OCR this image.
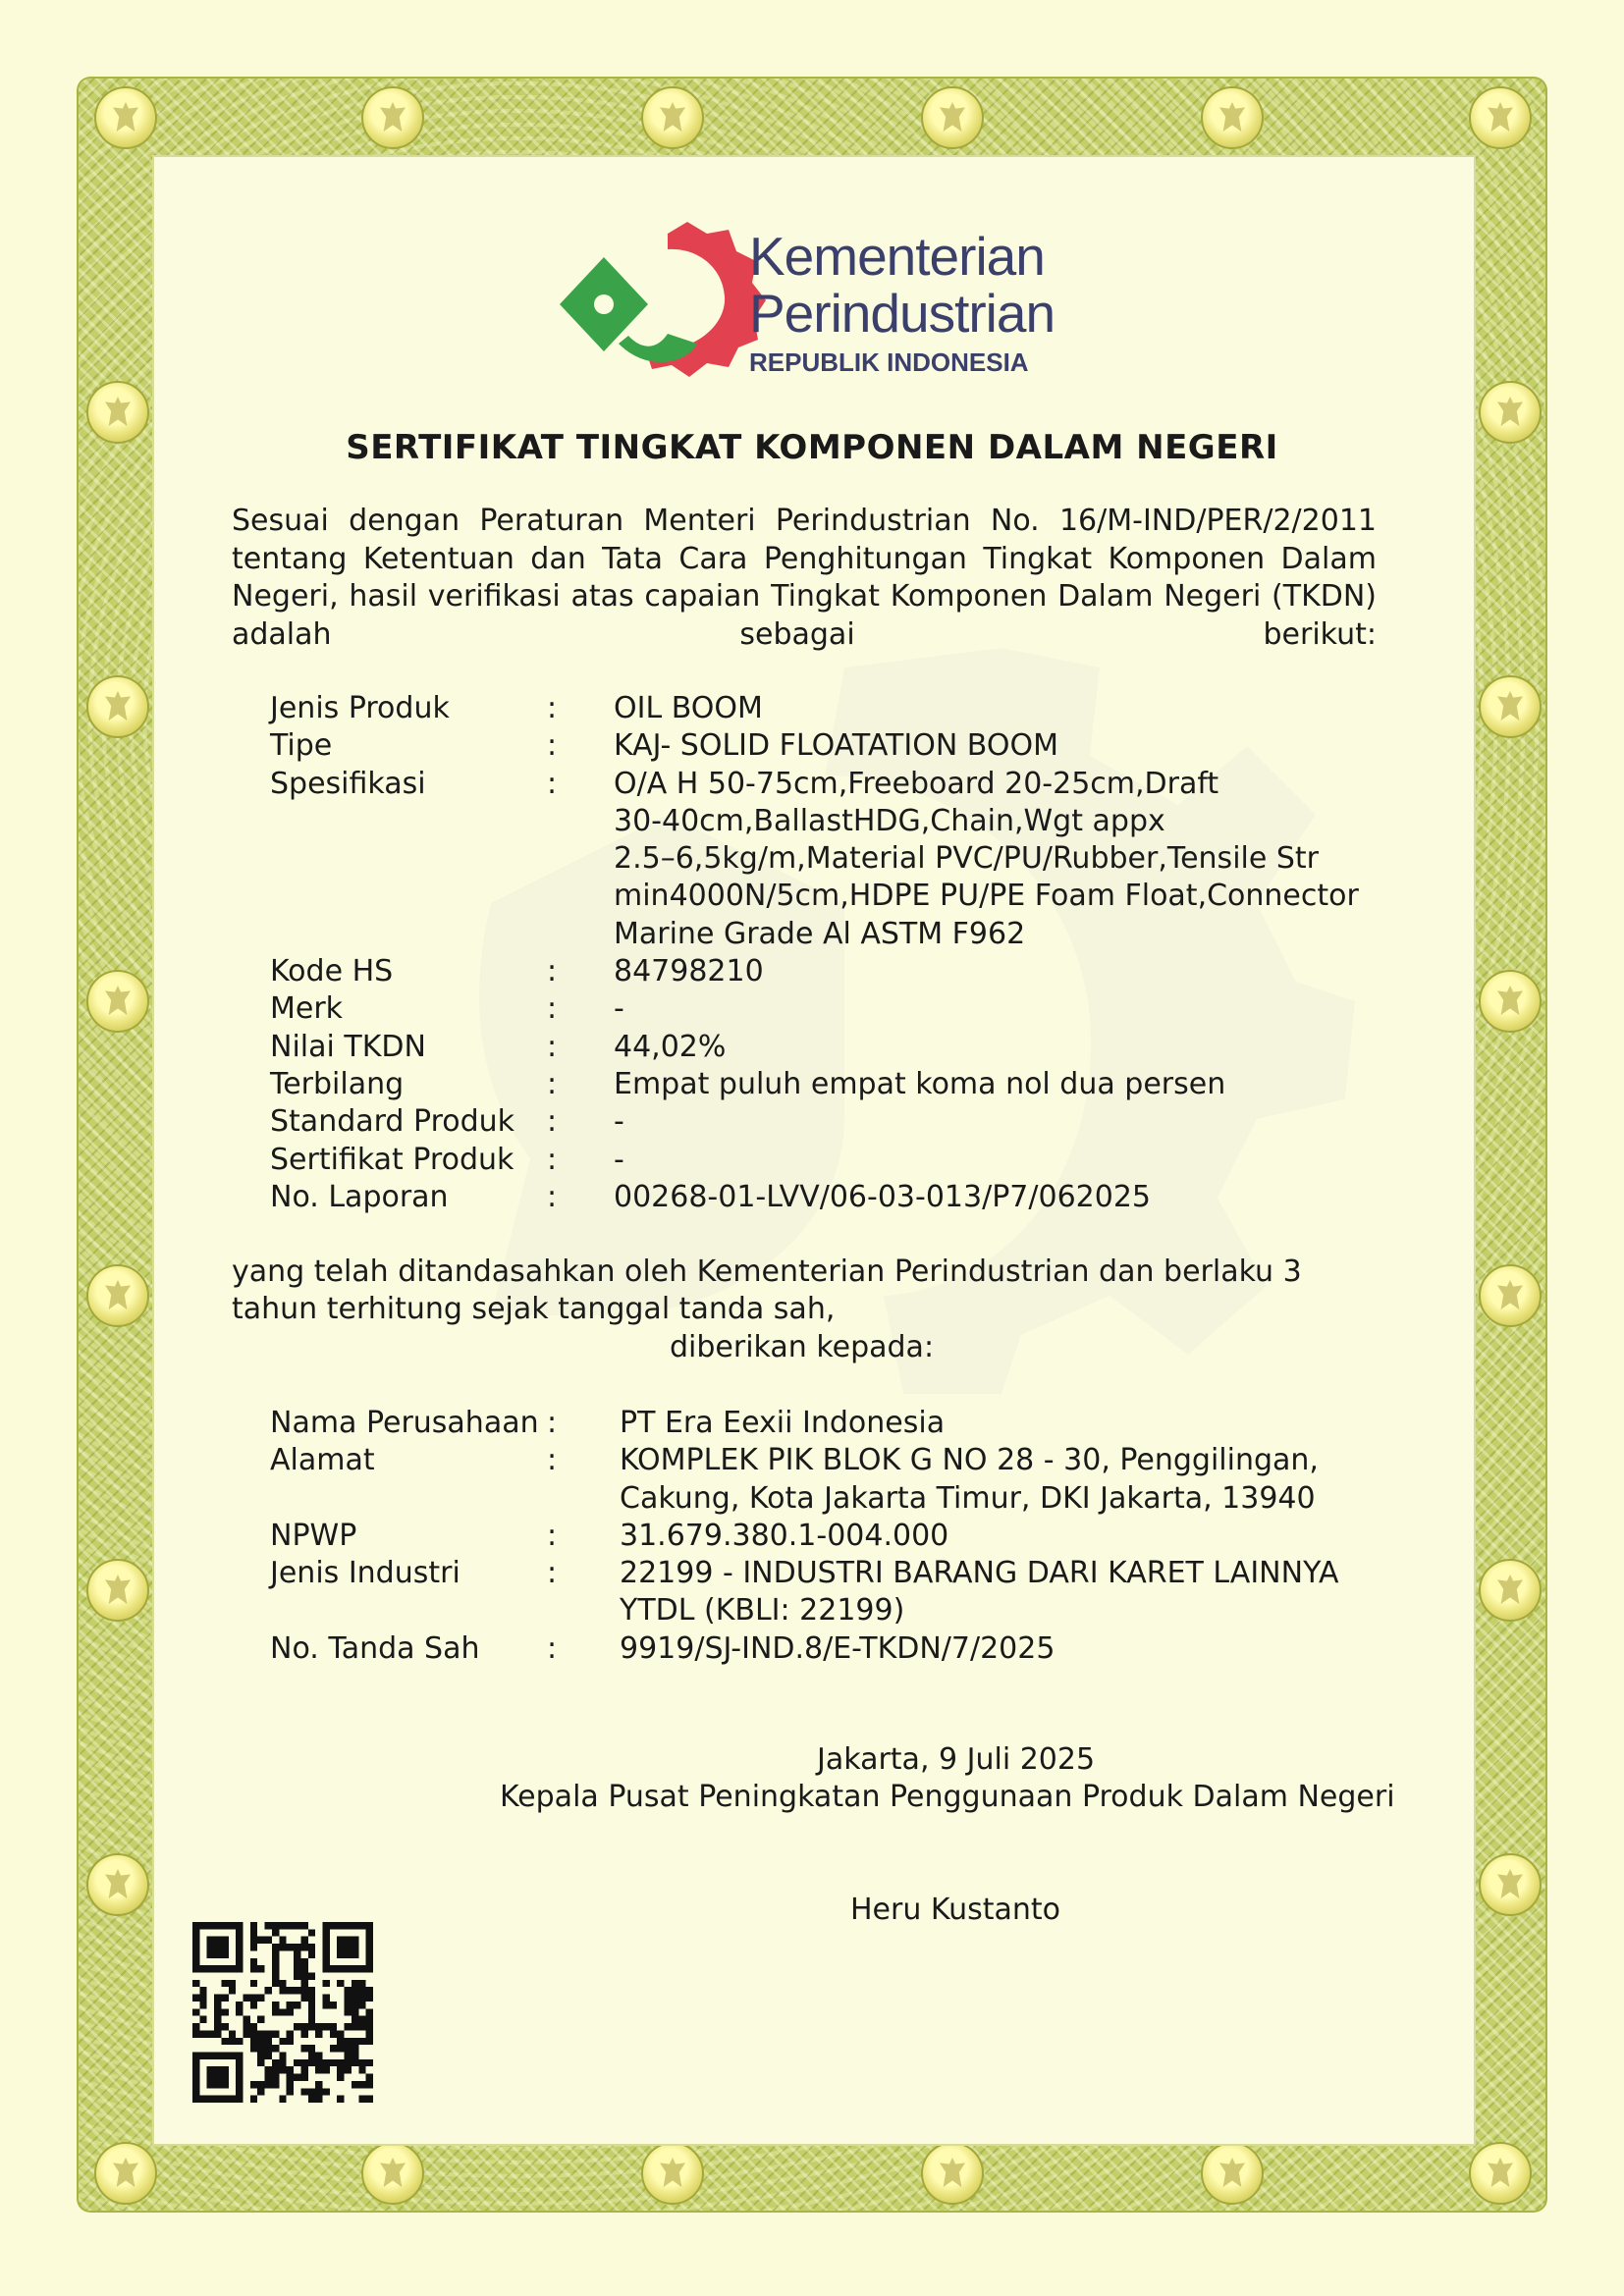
Kementerian
Perindustrian
REPUBLIK INDONESIA
SERTIFIKAT TINGKAT KOMPONEN DALAM NEGERI
Sesuai dengan Peraturan Menteri Perindustrian No. 16/M-IND/PER/2/2011 tentang Ketentuan dan Tata Cara Penghitungan Tingkat Komponen Dalam Negeri, hasil verifikasi atas capaian Tingkat Komponen Dalam Negeri (TKDN) adalah sebagai berikut:
Jenis Produk	:	OIL BOOM
Tipe	:	KAJ- SOLID FLOATATION BOOM
Spesifikasi	:	O/A H 50-75cm,Freeboard 20-25cm,Draft
30-40cm,BallastHDG,Chain,Wgt appx
2.5–6,5kg/m,Material PVC/PU/Rubber,Tensile Str
min4000N/5cm,HDPE PU/PE Foam Float,Connector
Marine Grade Al ASTM F962
Kode HS	:	84798210
Merk	:	-
Nilai TKDN	:	44,02%
Terbilang	:	Empat puluh empat koma nol dua persen
Standard Produk	:	-
Sertifikat Produk	:	-
No. Laporan	:	00268-01-LVV/06-03-013/P7/062025
yang telah ditandasahkan oleh Kementerian Perindustrian dan berlaku 3
tahun terhitung sejak tanggal tanda sah,
diberikan kepada:
Nama Perusahaan :	PT Era Eexii Indonesia
Alamat	:	KOMPLEK PIK BLOK G NO 28 - 30, Penggilingan,
Cakung, Kota Jakarta Timur, DKI Jakarta, 13940
NPWP	:	31.679.380.1-004.000
Jenis Industri	:	22199 - INDUSTRI BARANG DARI KARET LAINNYA
YTDL (KBLI: 22199)
No. Tanda Sah	:	9919/SJ-IND.8/E-TKDN/7/2025
Jakarta, 9 Juli 2025
Kepala Pusat Peningkatan Penggunaan Produk Dalam Negeri
Heru Kustanto
